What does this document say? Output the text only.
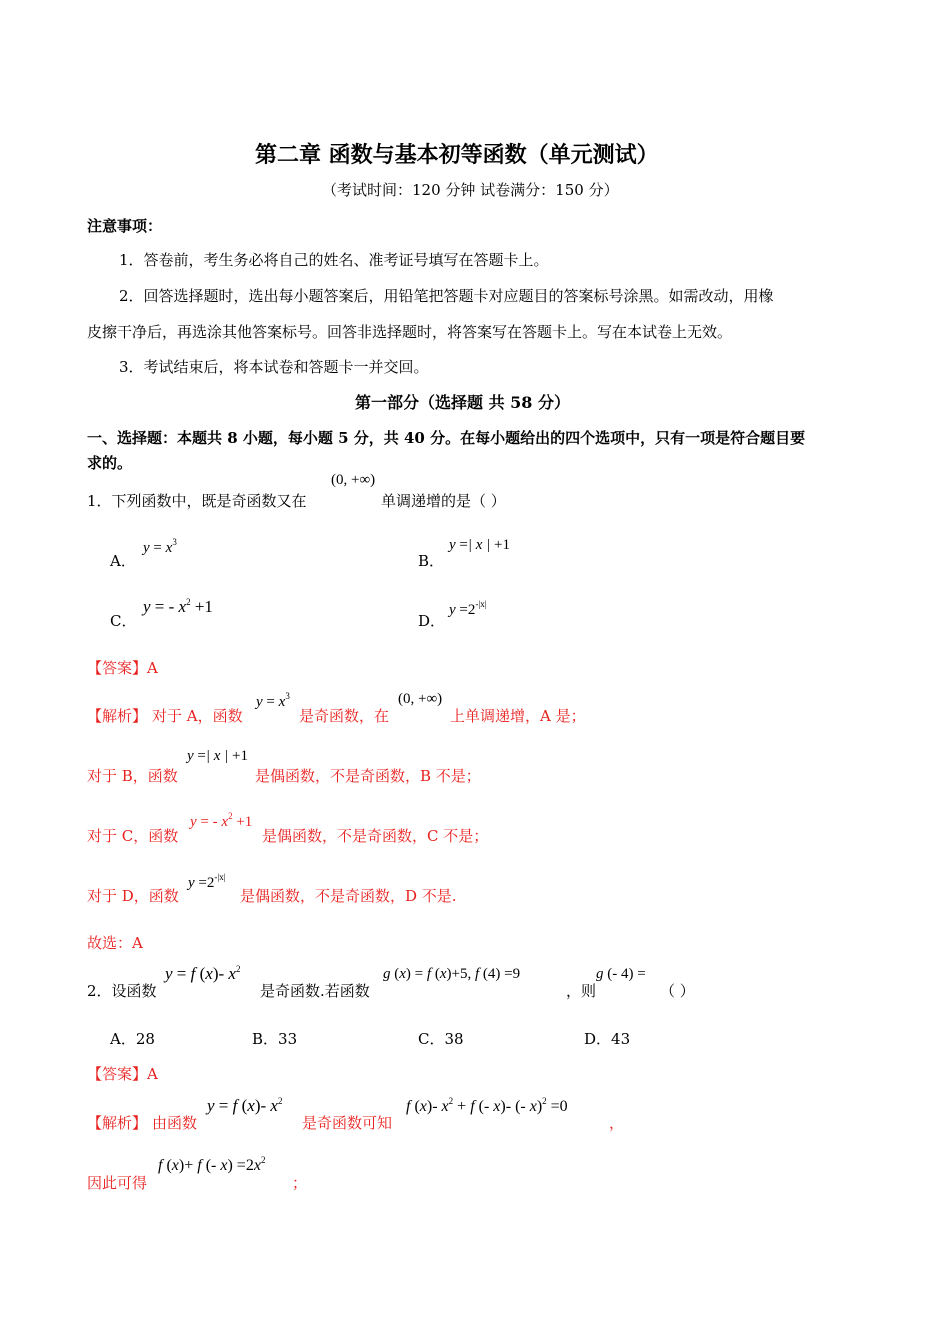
第二章 函数与基本初等函数（单元测试）
（考试时间：120 分钟 试卷满分：150 分）
注意事项：
1．答卷前，考生务必将自己的姓名、准考证号填写在答题卡上。
2．回答选择题时，选出每小题答案后，用铅笔把答题卡对应题目的答案标号涂黑。如需改动，用橡
皮擦干净后，再选涂其他答案标号。回答非选择题时，将答案写在答题卡上。写在本试卷上无效。
3．考试结束后，将本试卷和答题卡一并交回。
第一部分（选择题 共 58 分）
一、选择题：本题共 8 小题，每小题 5 分，共 40 分。在每小题给出的四个选项中，只有一项是符合题目要
求的。
1．下列函数中，既是奇函数又在
(0, +∞)
单调递增的是（ ）
A．
$y = x^3$
B．
y =| x | +1
C．
y = - $x^2 +1$
D．
$y =2^{-|x|}$
【答案】A
【解析】 对于 A，函数
$y = x^3$
是奇函数，在
(0, +∞)
上单调递增，A 是；
对于 B，函数
y =| x | +1
是偶函数，不是奇函数，B 不是；
对于 C，函数
y = - $x^2 +1$
是偶函数，不是奇函数，C 不是；
对于 D，函数
$y =2^{-|x|}$
是偶函数，不是奇函数，D 不是.
故选：A
2．设函数
y = f (x)- $x^2$
是奇函数.若函数
g (x) = f (x)+5, f (4) =9
，则
g (- 4) =
（ ）
A．28	B．33	C．38	D．43
【答案】A
【解析】 由函数
y = f (x)- $x^2$
是奇函数可知
f (x)- $x^2 + f$ (- x)- (- x)$^2$ =0
，
因此可得
f (x)+ f (- $x) =2x^2$
；
